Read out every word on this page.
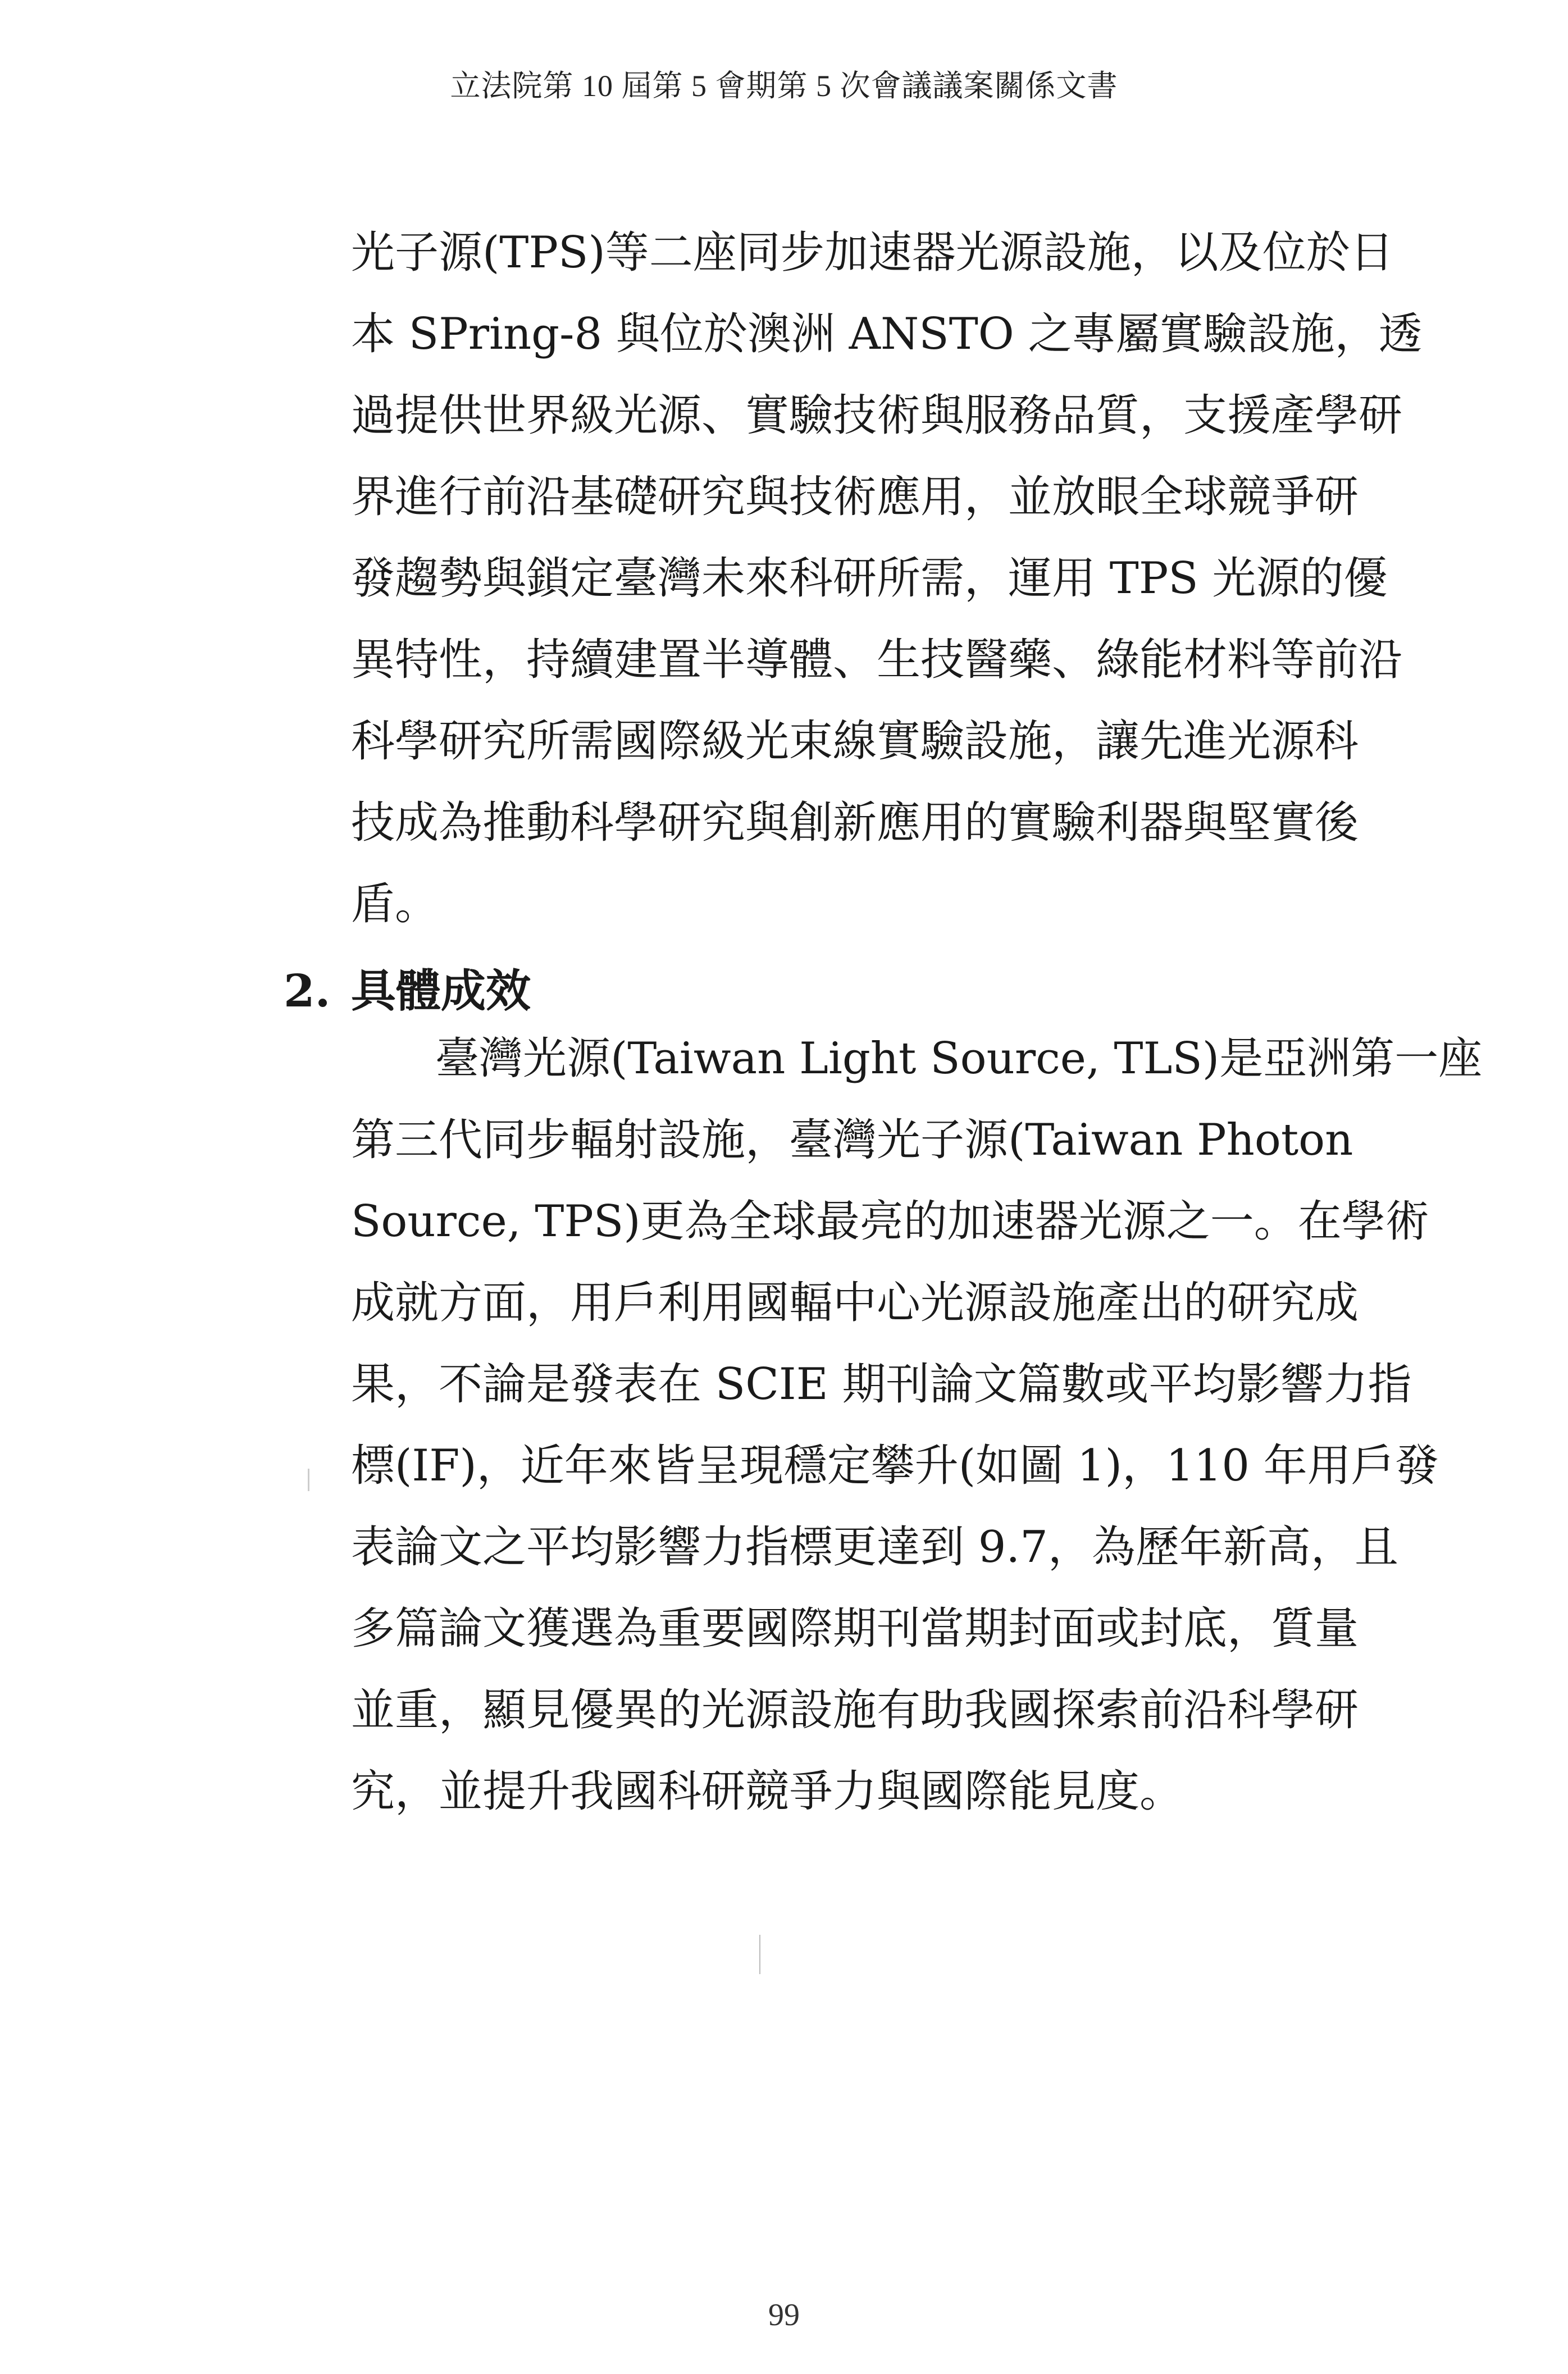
立法院第 10 屆第 5 會期第 5 次會議議案關係文書
光子源(TPS)等二座同步加速器光源設施，以及位於日
本 SPring-8 與位於澳洲 ANSTO 之專屬實驗設施，透
過提供世界級光源、實驗技術與服務品質，支援產學研
界進行前沿基礎研究與技術應用，並放眼全球競爭研
發趨勢與鎖定臺灣未來科研所需，運用 TPS 光源的優
異特性，持續建置半導體、生技醫藥、綠能材料等前沿
科學研究所需國際級光束線實驗設施，讓先進光源科
技成為推動科學研究與創新應用的實驗利器與堅實後
盾。
2. 具體成效
臺灣光源(Taiwan Light Source, TLS)是亞洲第一座
第三代同步輻射設施，臺灣光子源(Taiwan Photon
Source, TPS)更為全球最亮的加速器光源之一。在學術
成就方面，用戶利用國輻中心光源設施產出的研究成
果，不論是發表在 SCIE 期刊論文篇數或平均影響力指
標(IF)，近年來皆呈現穩定攀升(如圖 1)，110 年用戶發
表論文之平均影響力指標更達到 9.7，為歷年新高，且
多篇論文獲選為重要國際期刊當期封面或封底，質量
並重，顯見優異的光源設施有助我國探索前沿科學研
究，並提升我國科研競爭力與國際能見度。
99
